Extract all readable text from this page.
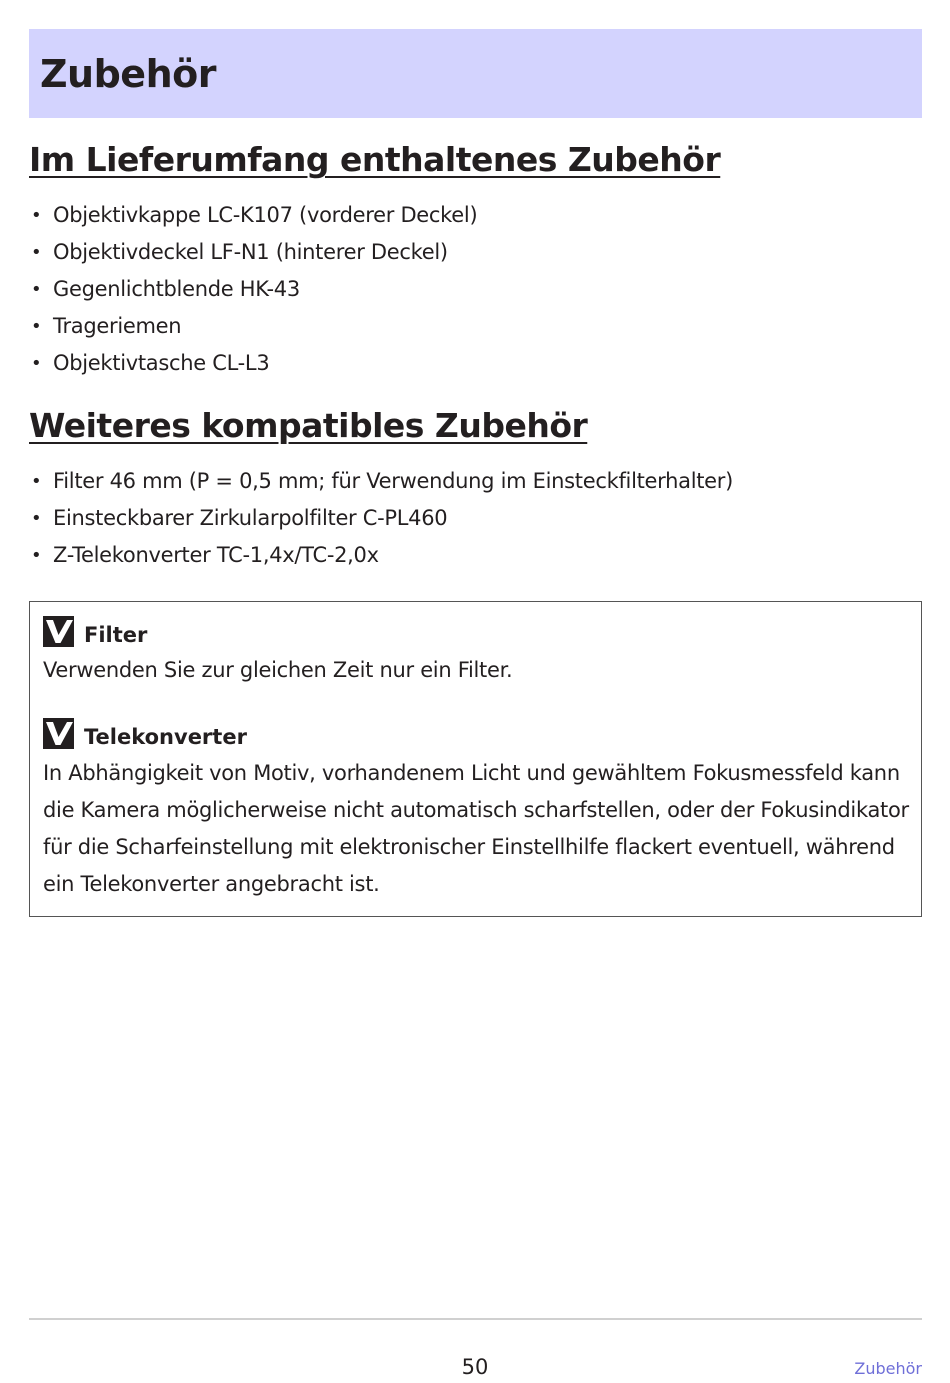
Zubehör
Im Lieferumfang enthaltenes Zubehör
• Objektivkappe LC-K107 (vorderer Deckel)
• Objektivdeckel LF-N1 (hinterer Deckel)
• Gegenlichtblende HK-43
• Trageriemen
• Objektivtasche CL-L3
Weiteres kompatibles Zubehör
• Filter 46 mm (P = 0,5 mm; für Verwendung im Einsteckfilterhalter)
• Einsteckbarer Zirkularpolfilter C-PL460
• Z-Telekonverter TC-1,4x/TC-2,0x
Filter

Verwenden Sie zur gleichen Zeit nur ein Filter.

Telekonverter

In Abhängigkeit von Motiv, vorhandenem Licht und gewähltem Fokusmessfeld kann die Kamera möglicherweise nicht automatisch scharfstellen, oder der Fokusindikator für die Scharfeinstellung mit elektronischer Einstellhilfe flackert eventuell, während ein Telekonverter angebracht ist.

50	Zubehör
